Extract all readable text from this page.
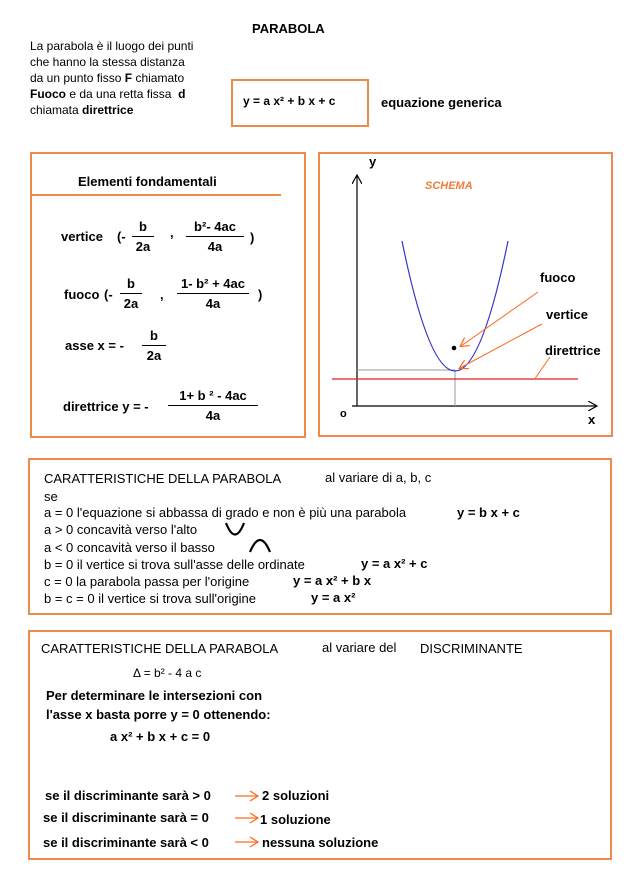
PARABOLA
La parabola è il luogo dei punti
che hanno la stessa distanza
da un punto fisso F chiamato
Fuoco e da una retta fissa d
chiamata direttrice
y = a x² + b x + c	equazione generica
Elementi fondamentali
vertice (-
b
2a
,	b²- 4ac
4a
)
fuoco (-
b
2a
,
1- b² + 4ac
4a
)
asse x = -
b
2a
direttrice y = -
1+ b ² - 4ac
4a
SCHEMA
y
x
o
fuoco
vertice
direttrice
CARATTERISTICHE DELLA PARABOLA	al variare di a, b, c
se
a = 0 l'equazione si abbassa di grado e non è più una parabola	y = b x + c
a > 0 concavità verso l'alto
a < 0 concavità verso il basso
b = 0 il vertice si trova sull'asse delle ordinate	y = a x² + c
c = 0 la parabola passa per l'origine	y = a x² + b x
b = c = 0 il vertice si trova sull'origine	y = a x²
CARATTERISTICHE DELLA PARABOLA	al variare del DISCRIMINANTE
Δ = b² - 4 a c
Per determinare le intersezioni con
l'asse x basta porre y = 0 ottenendo:
a x² + b x + c = 0
se il discriminante sarà > 0	2 soluzioni
se il discriminante sarà = 0	1 soluzione
se il discriminante sarà < 0	nessuna soluzione
